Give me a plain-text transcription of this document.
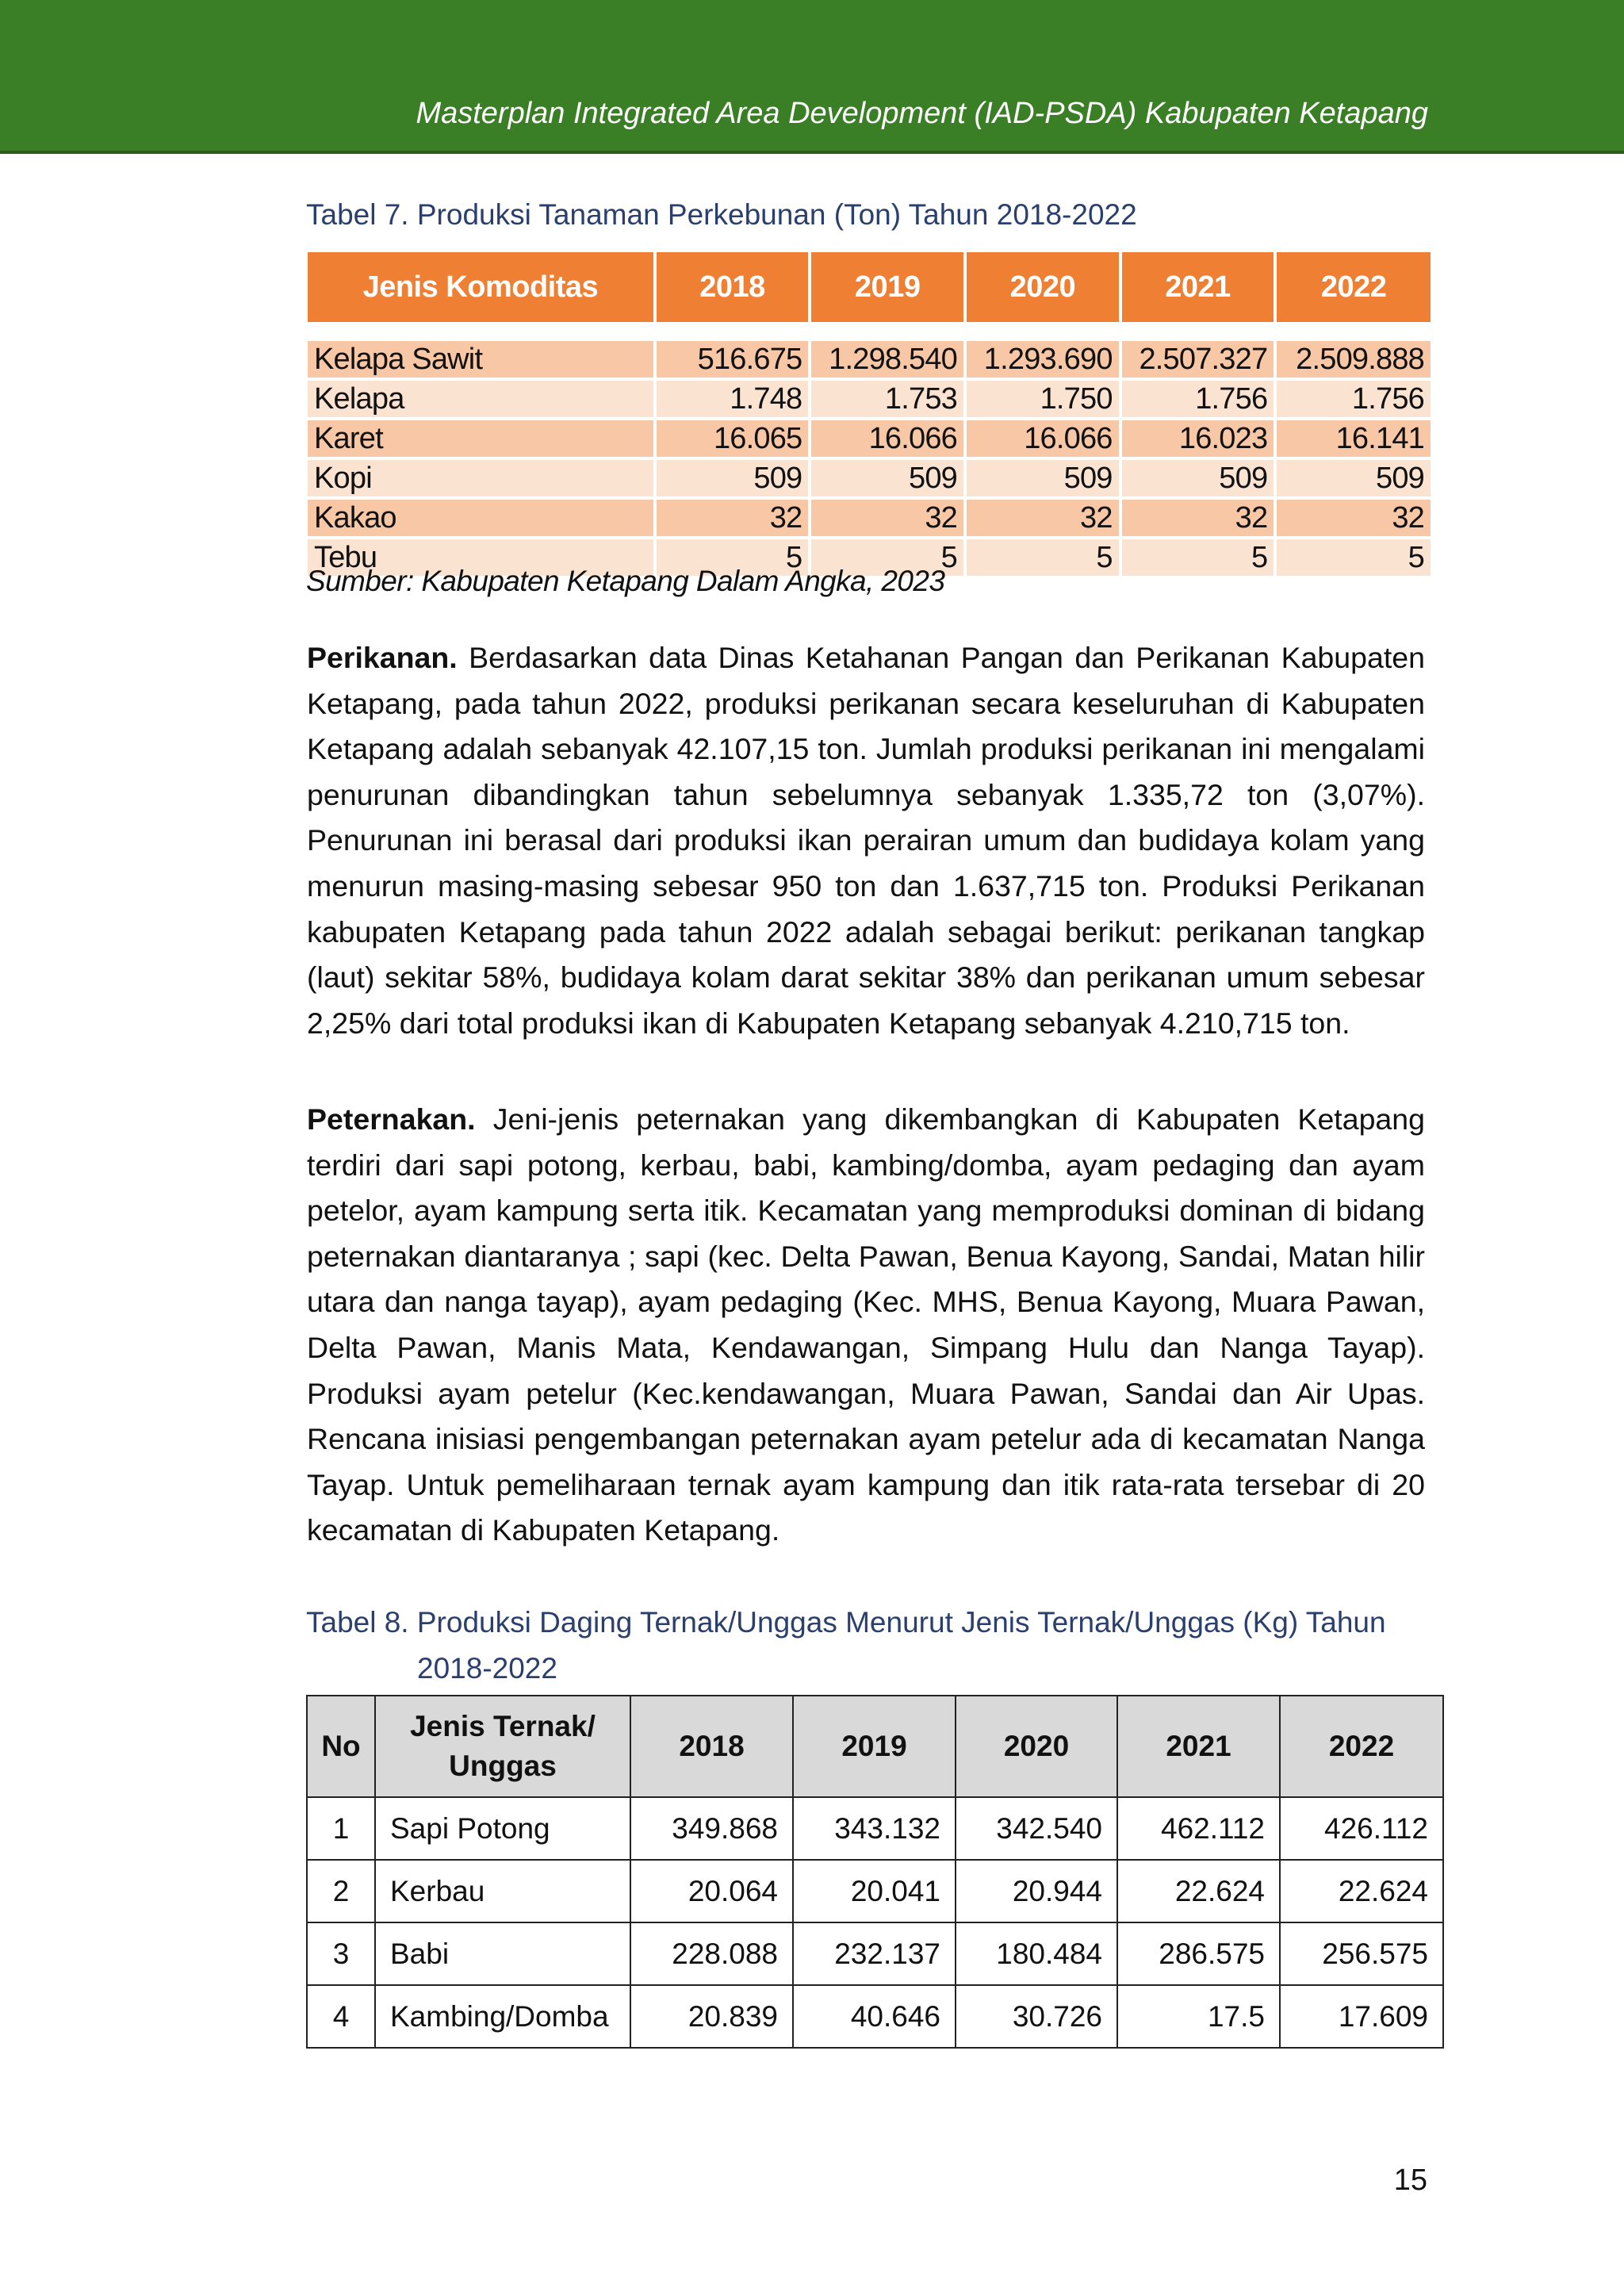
Masterplan Integrated Area Development (IAD-PSDA) Kabupaten Ketapang
Tabel 7. Produksi Tanaman Perkebunan (Ton) Tahun 2018-2022
Jenis Komoditas	2018	2019	2020	2021	2022

Kelapa Sawit	516.675	1.298.540	1.293.690	2.507.327	2.509.888
Kelapa	1.748	1.753	1.750	1.756	1.756
Karet	16.065	16.066	16.066	16.023	16.141
Kopi	509	509	509	509	509
Kakao	32	32	32	32	32
Tebu	5	5	5	5	5
Sumber: Kabupaten Ketapang Dalam Angka, 2023
Perikanan. Berdasarkan data Dinas Ketahanan Pangan dan Perikanan Kabupaten Ketapang, pada tahun 2022, produksi perikanan secara keseluruhan di Kabupaten Ketapang adalah sebanyak 42.107,15 ton. Jumlah produksi perikanan ini mengalami penurunan dibandingkan tahun sebelumnya sebanyak 1.335,72 ton (3,07%). Penurunan ini berasal dari produksi ikan perairan umum dan budidaya kolam yang menurun masing-masing sebesar 950 ton dan 1.637,715 ton. Produksi Perikanan kabupaten Ketapang pada tahun 2022 adalah sebagai berikut: perikanan tangkap (laut) sekitar 58%, budidaya kolam darat sekitar 38% dan perikanan umum sebesar 2,25% dari total produksi ikan di Kabupaten Ketapang sebanyak 4.210,715 ton.
Peternakan. Jeni-jenis peternakan yang dikembangkan di Kabupaten Ketapang terdiri dari sapi potong, kerbau, babi, kambing/domba, ayam pedaging dan ayam petelor, ayam kampung serta itik. Kecamatan yang memproduksi dominan di bidang peternakan diantaranya ; sapi (kec. Delta Pawan, Benua Kayong, Sandai, Matan hilir utara dan nanga tayap), ayam pedaging (Kec. MHS, Benua Kayong, Muara Pawan, Delta Pawan, Manis Mata, Kendawangan, Simpang Hulu dan Nanga Tayap). Produksi ayam petelur (Kec.kendawangan, Muara Pawan, Sandai dan Air Upas. Rencana inisiasi pengembangan peternakan ayam petelur ada di kecamatan Nanga Tayap. Untuk pemeliharaan ternak ayam kampung dan itik rata-rata tersebar di 20 kecamatan di Kabupaten Ketapang.
Tabel 8. Produksi Daging Ternak/Unggas Menurut Jenis Ternak/Unggas (Kg) Tahun
2018-2022
No	Jenis Ternak/ Unggas	2018	2019	2020	2021	2022
1	Sapi Potong	349.868	343.132	342.540	462.112	426.112
2	Kerbau	20.064	20.041	20.944	22.624	22.624
3	Babi	228.088	232.137	180.484	286.575	256.575
4	Kambing/Domba	20.839	40.646	30.726	17.5	17.609
15
